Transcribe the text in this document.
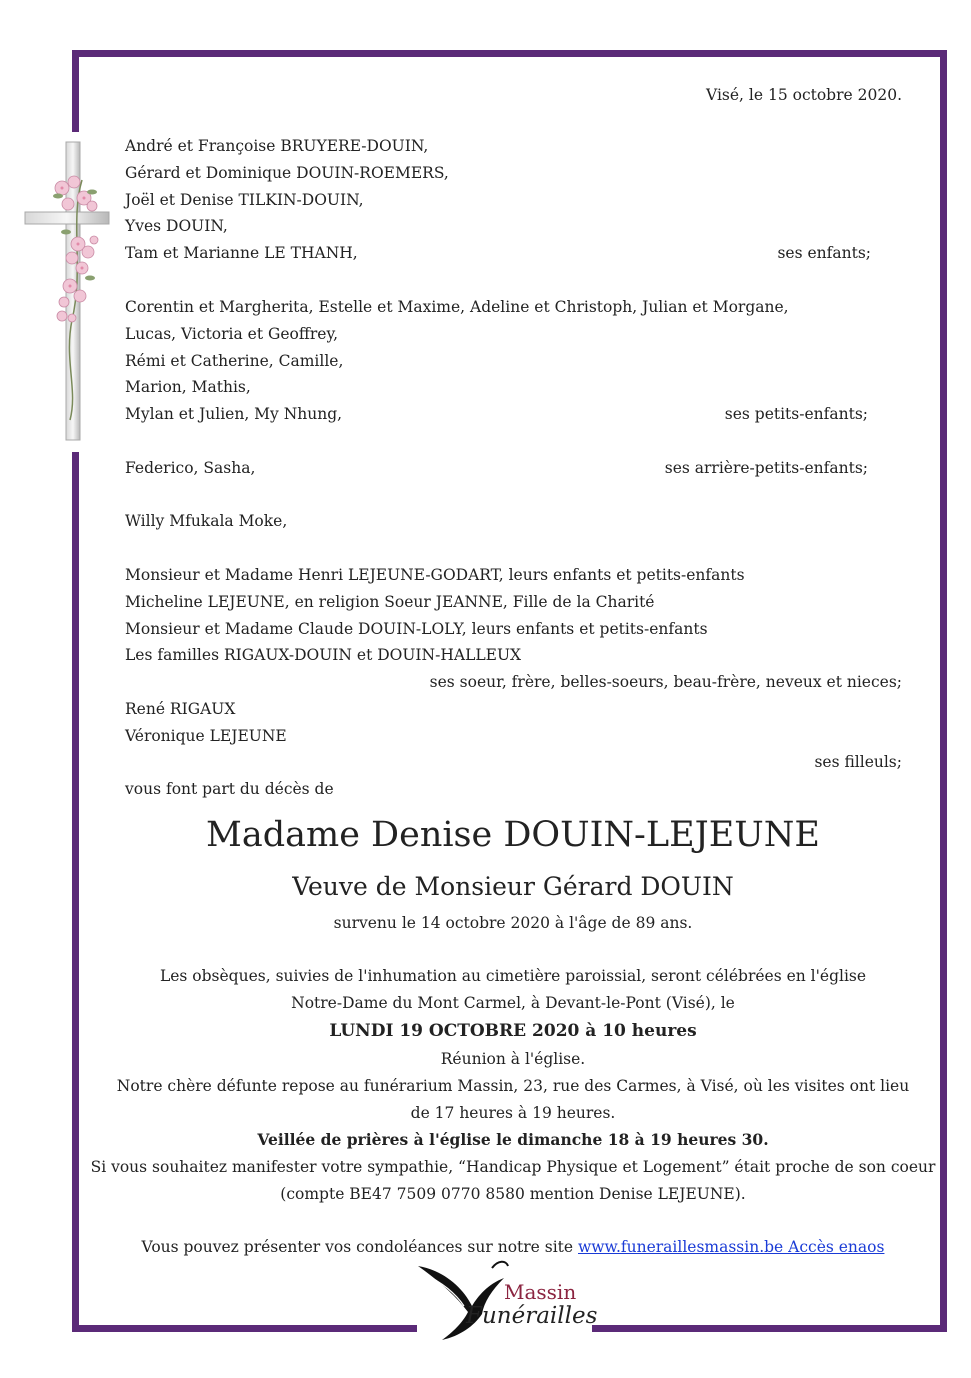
Visé, le 15 octobre 2020.
André et Françoise BRUYERE-DOUIN,
Gérard et Dominique DOUIN-ROEMERS,
Joël et Denise TILKIN-DOUIN,
Yves DOUIN,
Tam et Marianne LE THANH,	ses enfants;
Corentin et Margherita, Estelle et Maxime, Adeline et Christoph, Julian et Morgane,
Lucas, Victoria et Geoffrey,
Rémi et Catherine, Camille,
Marion, Mathis,
Mylan et Julien, My Nhung,	ses petits-enfants;
Federico, Sasha,	ses arrière-petits-enfants;
Willy Mfukala Moke,
Monsieur et Madame Henri LEJEUNE-GODART, leurs enfants et petits-enfants
Micheline LEJEUNE, en religion Soeur JEANNE, Fille de la Charité
Monsieur et Madame Claude DOUIN-LOLY, leurs enfants et petits-enfants
Les familles RIGAUX-DOUIN et DOUIN-HALLEUX
ses soeur, frère, belles-soeurs, beau-frère, neveux et nieces;
René RIGAUX
Véronique LEJEUNE
ses filleuls;
vous font part du décès de
Madame Denise DOUIN-LEJEUNE
Veuve de Monsieur Gérard DOUIN
survenu le 14 octobre 2020 à l'âge de 89 ans.
Les obsèques, suivies de l'inhumation au cimetière paroissial, seront célébrées en l'église
Notre-Dame du Mont Carmel, à Devant-le-Pont (Visé), le
LUNDI 19 OCTOBRE 2020 à 10 heures
Réunion à l'église.
Notre chère défunte repose au funérarium Massin, 23, rue des Carmes, à Visé, où les visites ont lieu
de 17 heures à 19 heures.
Veillée de prières à l'église le dimanche 18 à 19 heures 30.
Si vous souhaitez manifester votre sympathie, “Handicap Physique et Logement” était proche de son coeur
(compte BE47 7509 0770 8580 mention Denise LEJEUNE).
Vous pouvez présenter vos condoléances sur notre site www.funeraillesmassin.be Accès enaos
Massin
Funérailles
